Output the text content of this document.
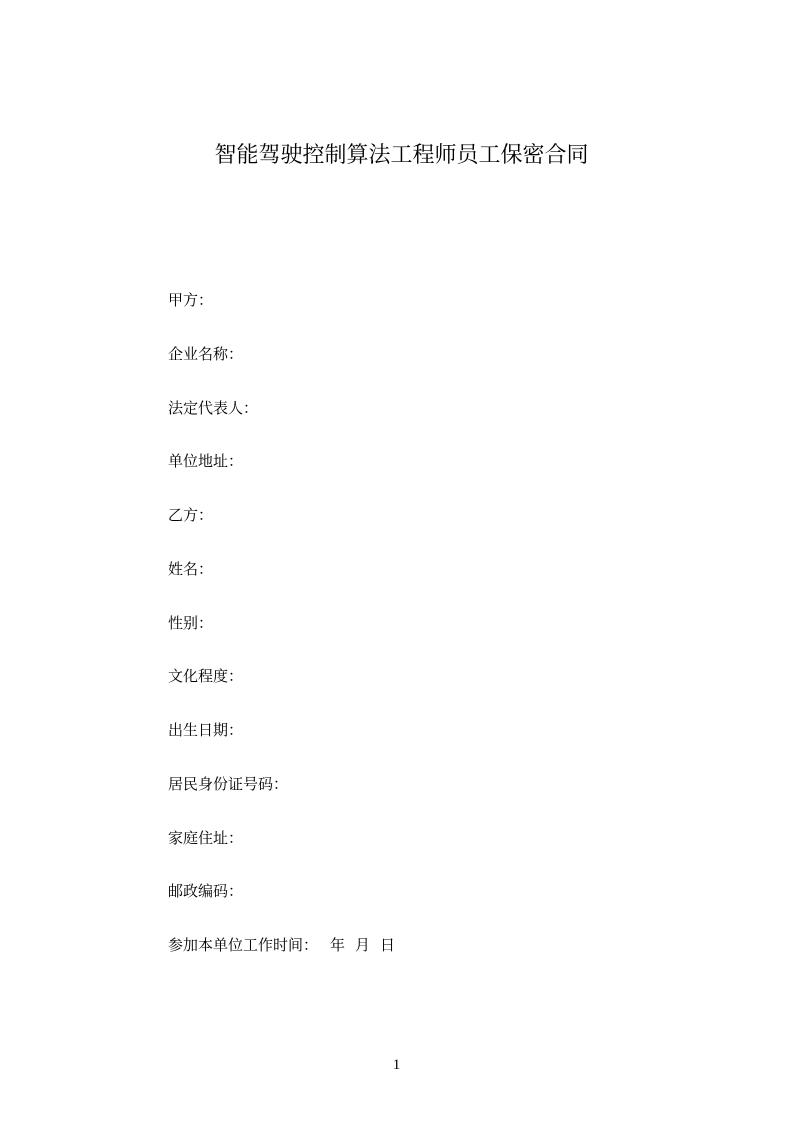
智能驾驶控制算法工程师员工保密合同
甲方：
企业名称：
法定代表人：
单位地址：
乙方：
姓名：
性别：
文化程度：
出生日期：
居民身份证号码：
家庭住址：
邮政编码：
参加本单位工作时间： 年 月 日
1
